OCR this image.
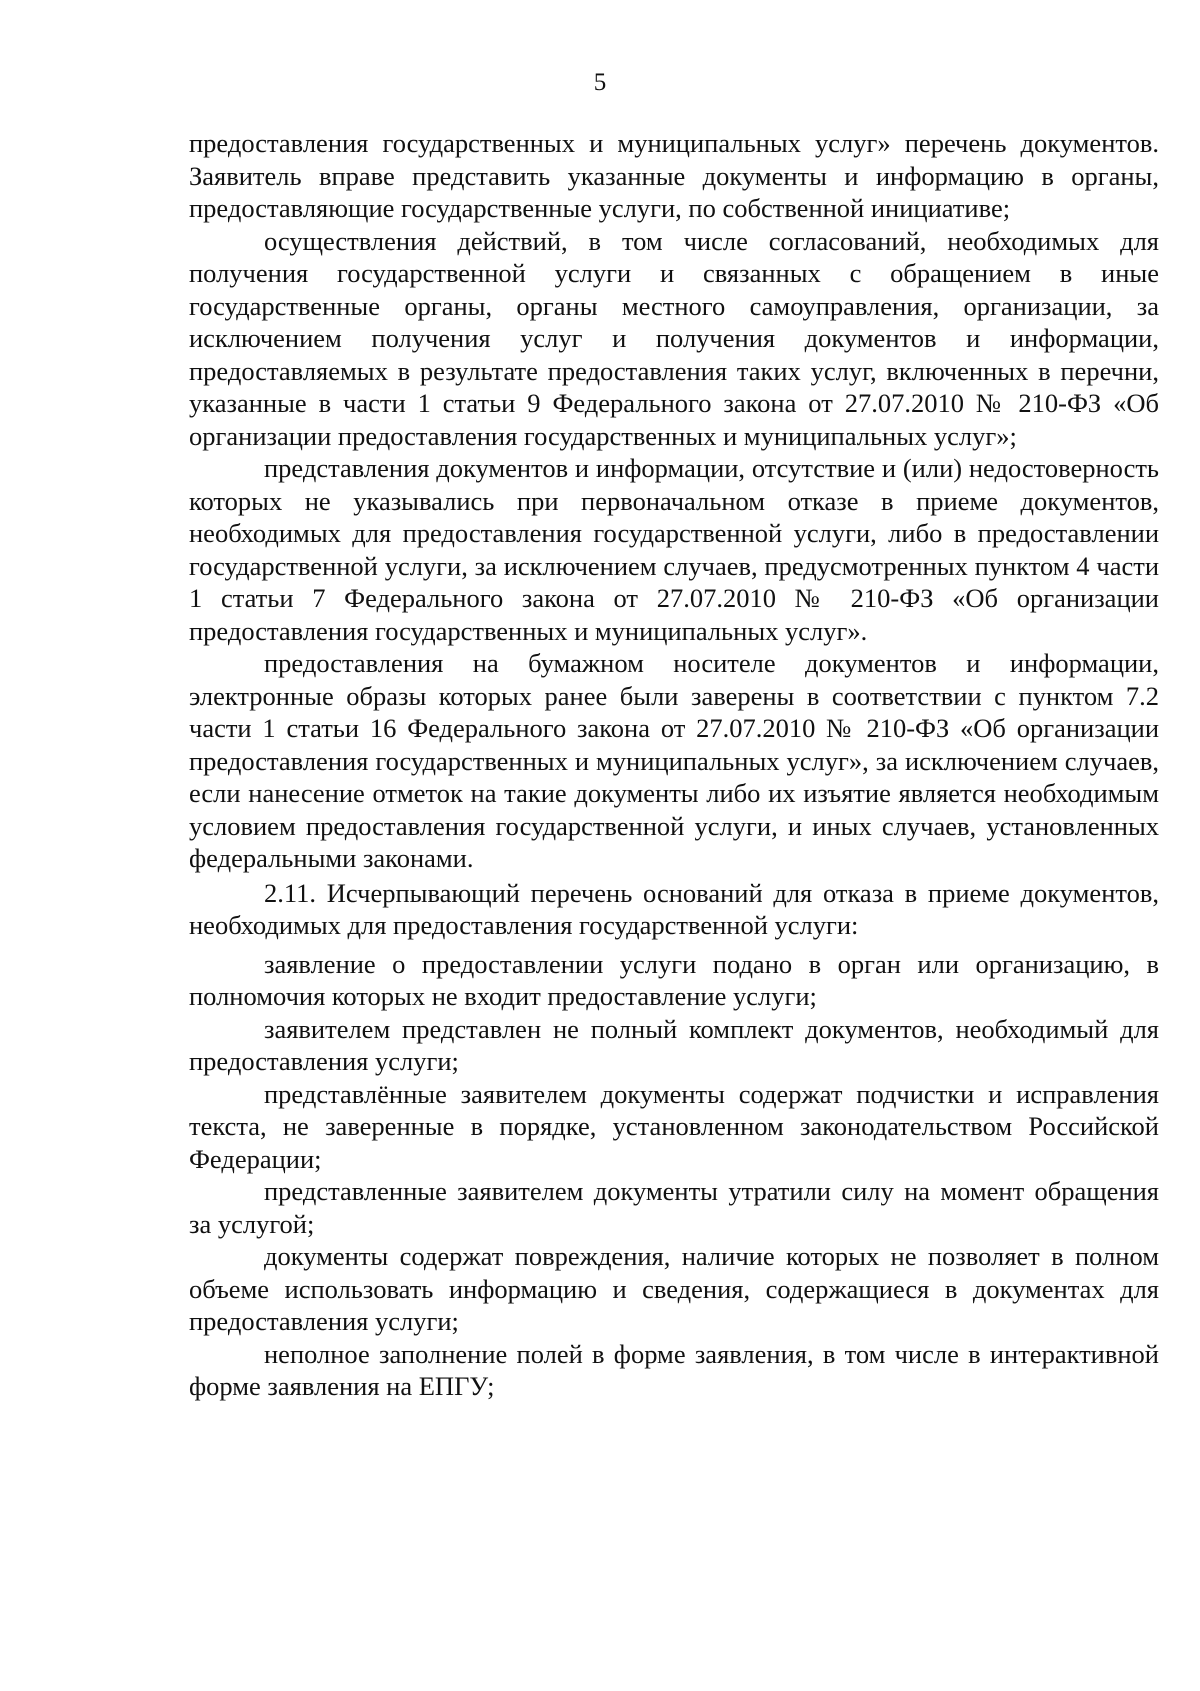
5

предоставления государственных и муниципальных услуг» перечень документов. Заявитель вправе представить указанные документы и информацию в органы, предоставляющие государственные услуги, по собственной инициативе;

осуществления действий, в том числе согласований, необходимых для получения государственной услуги и связанных с обращением в иные государственные органы, органы местного самоуправления, организации, за исключением получения услуг и получения документов и информации, предоставляемых в результате предоставления таких услуг, включенных в перечни, указанные в части 1 статьи 9 Федерального закона от 27.07.2010 № 210-ФЗ «Об организации предоставления государственных и муниципальных услуг»;

представления документов и информации, отсутствие и (или) недостоверность которых не указывались при первоначальном отказе в приеме документов, необходимых для предоставления государственной услуги, либо в предоставлении государственной услуги, за исключением случаев, предусмотренных пунктом 4 части 1 статьи 7 Федерального закона от 27.07.2010 № 210-ФЗ «Об организации предоставления государственных и муниципальных услуг».

предоставления на бумажном носителе документов и информации, электронные образы которых ранее были заверены в соответствии с пунктом 7.2 части 1 статьи 16 Федерального закона от 27.07.2010 № 210-ФЗ «Об организации предоставления государственных и муниципальных услуг», за исключением случаев, если нанесение отметок на такие документы либо их изъятие является необходимым условием предоставления государственной услуги, и иных случаев, установленных федеральными законами.

2.11. Исчерпывающий перечень оснований для отказа в приеме документов, необходимых для предоставления государственной услуги:

заявление о предоставлении услуги подано в орган или организацию, в полномочия которых не входит предоставление услуги;

заявителем представлен не полный комплект документов, необходимый для предоставления услуги;

представлённые заявителем документы содержат подчистки и исправления текста, не заверенные в порядке, установленном законодательством Российской Федерации;

представленные заявителем документы утратили силу на момент обращения за услугой;

документы содержат повреждения, наличие которых не позволяет в полном объеме использовать информацию и сведения, содержащиеся в документах для предоставления услуги;

неполное заполнение полей в форме заявления, в том числе в интерактивной форме заявления на ЕПГУ;
